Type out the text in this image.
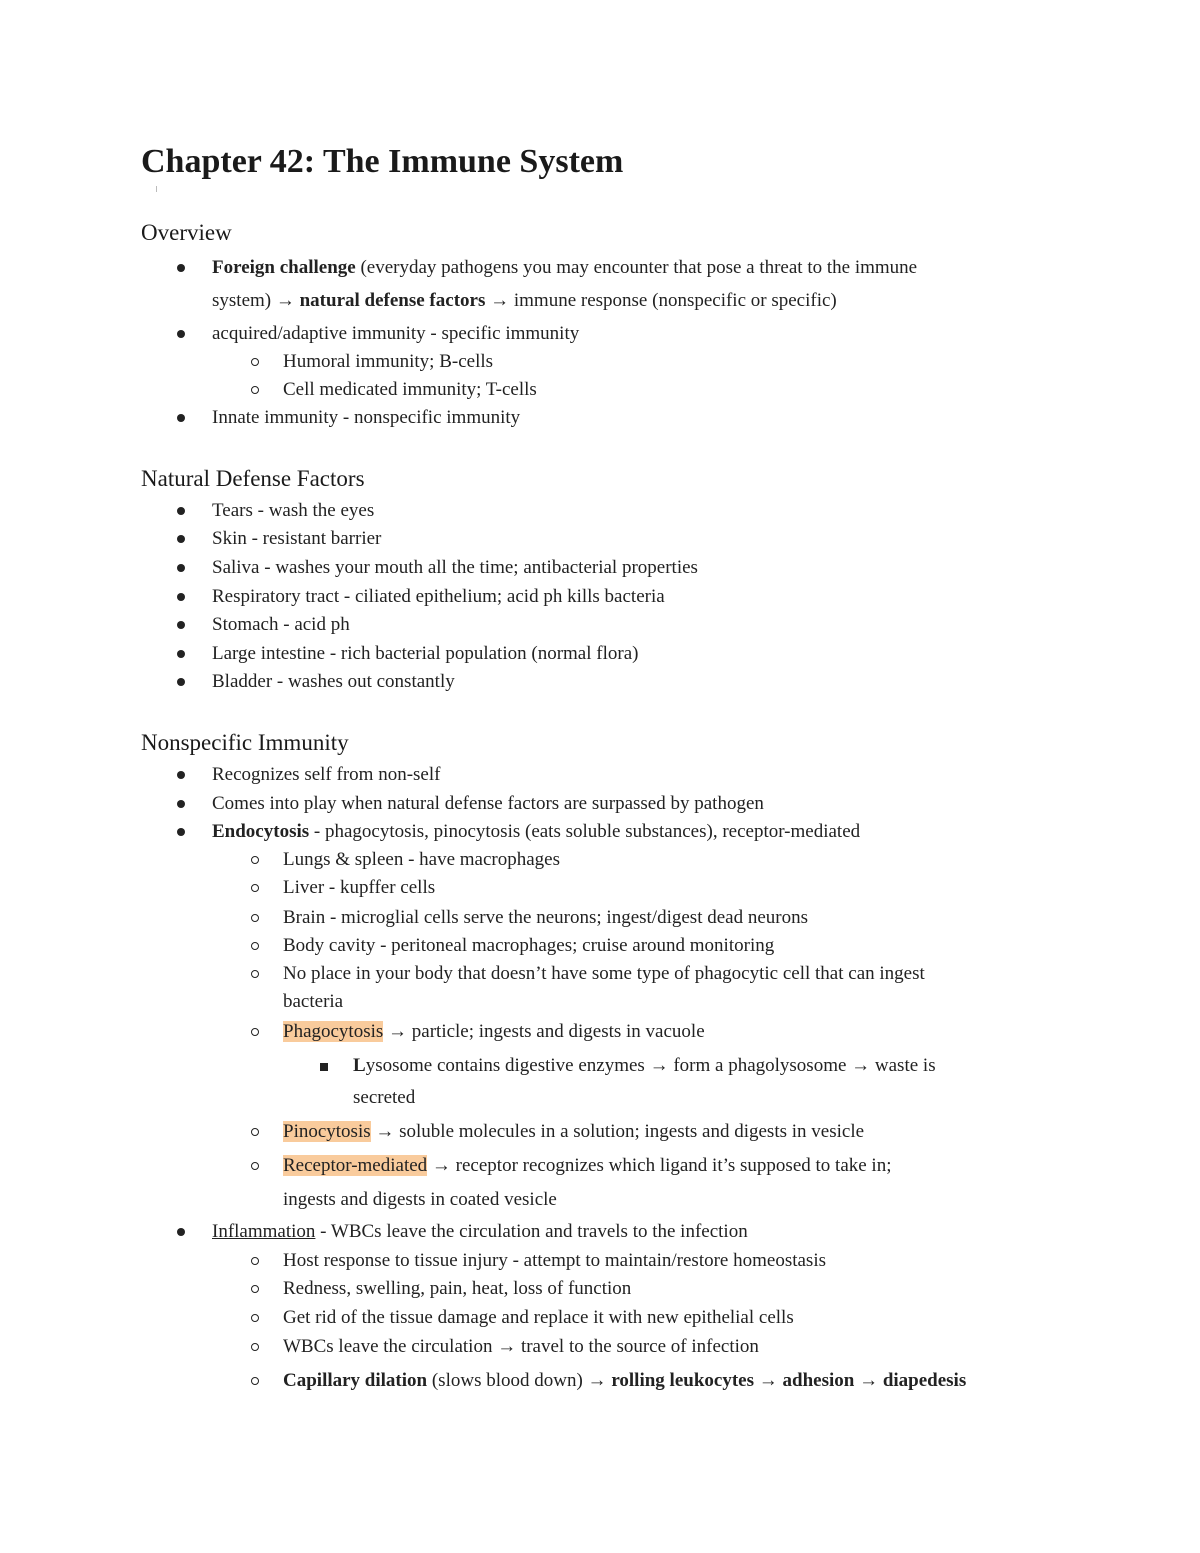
Chapter 42: The Immune System
Overview
Foreign challenge (everyday pathogens you may encounter that pose a threat to the immune
system) → natural defense factors → immune response (nonspecific or specific)
acquired/adaptive immunity - specific immunity
Humoral immunity; B-cells
Cell medicated immunity; T-cells
Innate immunity - nonspecific immunity
Natural Defense Factors
Tears - wash the eyes
Skin - resistant barrier
Saliva - washes your mouth all the time; antibacterial properties
Respiratory tract - ciliated epithelium; acid ph kills bacteria
Stomach - acid ph
Large intestine - rich bacterial population (normal flora)
Bladder - washes out constantly
Nonspecific Immunity
Recognizes self from non-self
Comes into play when natural defense factors are surpassed by pathogen
Endocytosis - phagocytosis, pinocytosis (eats soluble substances), receptor-mediated
Lungs & spleen - have macrophages
Liver - kupffer cells
Brain - microglial cells serve the neurons; ingest/digest dead neurons
Body cavity - peritoneal macrophages; cruise around monitoring
No place in your body that doesn’t have some type of phagocytic cell that can ingest
bacteria
Phagocytosis → particle; ingests and digests in vacuole
Lysosome contains digestive enzymes → form a phagolysosome → waste is
secreted
Pinocytosis → soluble molecules in a solution; ingests and digests in vesicle
Receptor-mediated → receptor recognizes which ligand it’s supposed to take in;
ingests and digests in coated vesicle
Inflammation - WBCs leave the circulation and travels to the infection
Host response to tissue injury - attempt to maintain/restore homeostasis
Redness, swelling, pain, heat, loss of function
Get rid of the tissue damage and replace it with new epithelial cells
WBCs leave the circulation → travel to the source of infection
Capillary dilation (slows blood down) → rolling leukocytes → adhesion → diapedesis
